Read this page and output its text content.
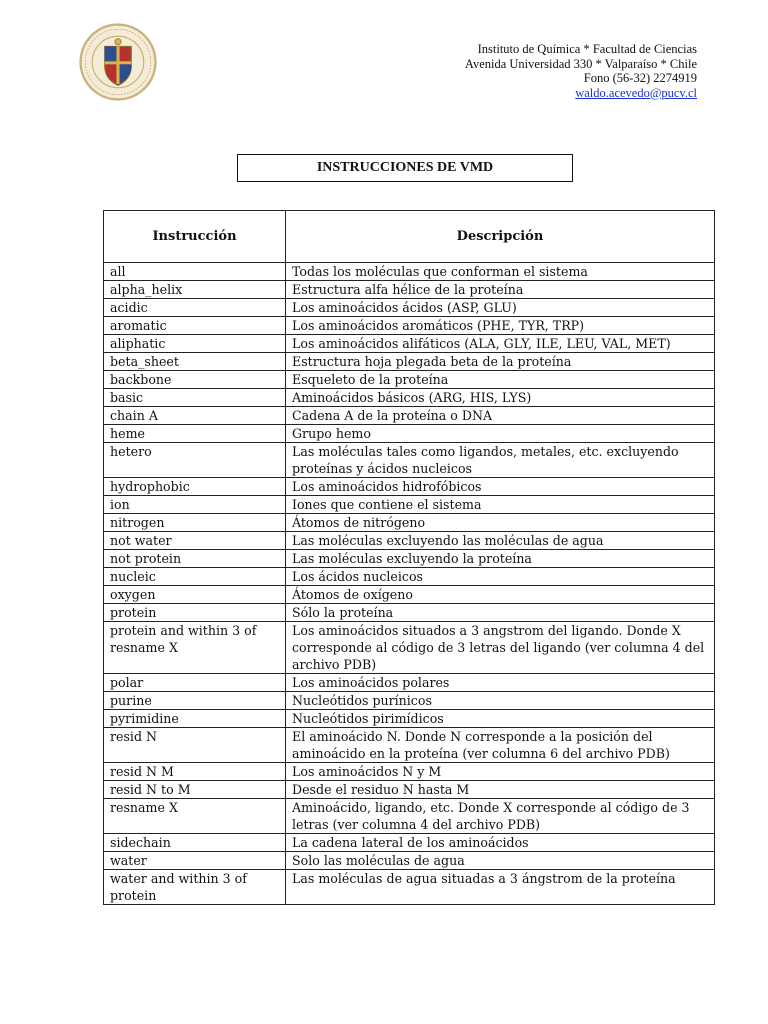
Instituto de Química * Facultad de Ciencias
Avenida Universidad 330 * Valparaíso * Chile
Fono (56-32) 2274919
waldo.acevedo@pucv.cl
INSTRUCCIONES DE VMD
Instrucción	Descripción
all	Todas los moléculas que conforman el sistema
alpha_helix	Estructura alfa hélice de la proteína
acidic	Los aminoácidos ácidos (ASP, GLU)
aromatic	Los aminoácidos aromáticos (PHE, TYR, TRP)
aliphatic	Los aminoácidos alifáticos (ALA, GLY, ILE, LEU, VAL, MET)
beta_sheet	Estructura hoja plegada beta de la proteína
backbone	Esqueleto de la proteína
basic	Aminoácidos básicos (ARG, HIS, LYS)
chain A	Cadena A de la proteína o DNA
heme	Grupo hemo
hetero	Las moléculas tales como ligandos, metales, etc. excluyendo proteínas y ácidos nucleicos
hydrophobic	Los aminoácidos hidrofóbicos
ion	Iones que contiene el sistema
nitrogen	Átomos de nitrógeno
not water	Las moléculas excluyendo las moléculas de agua
not protein	Las moléculas excluyendo la proteína
nucleic	Los ácidos nucleicos
oxygen	Átomos de oxígeno
protein	Sólo la proteína
protein and within 3 of resname X	Los aminoácidos situados a 3 angstrom del ligando. Donde X corresponde al código de 3 letras del ligando (ver columna 4 del archivo PDB)
polar	Los aminoácidos polares
purine	Nucleótidos purínicos
pyrimidine	Nucleótidos pirimídicos
resid N	El aminoácido N. Donde N corresponde a la posición del aminoácido en la proteína (ver columna 6 del archivo PDB)
resid N M	Los aminoácidos N y M
resid N to M	Desde el residuo N hasta M
resname X	Aminoácido, ligando, etc. Donde X corresponde al código de 3 letras (ver columna 4 del archivo PDB)
sidechain	La cadena lateral de los aminoácidos
water	Solo las moléculas de agua
water and within 3 of protein	Las moléculas de agua situadas a 3 ángstrom de la proteína
